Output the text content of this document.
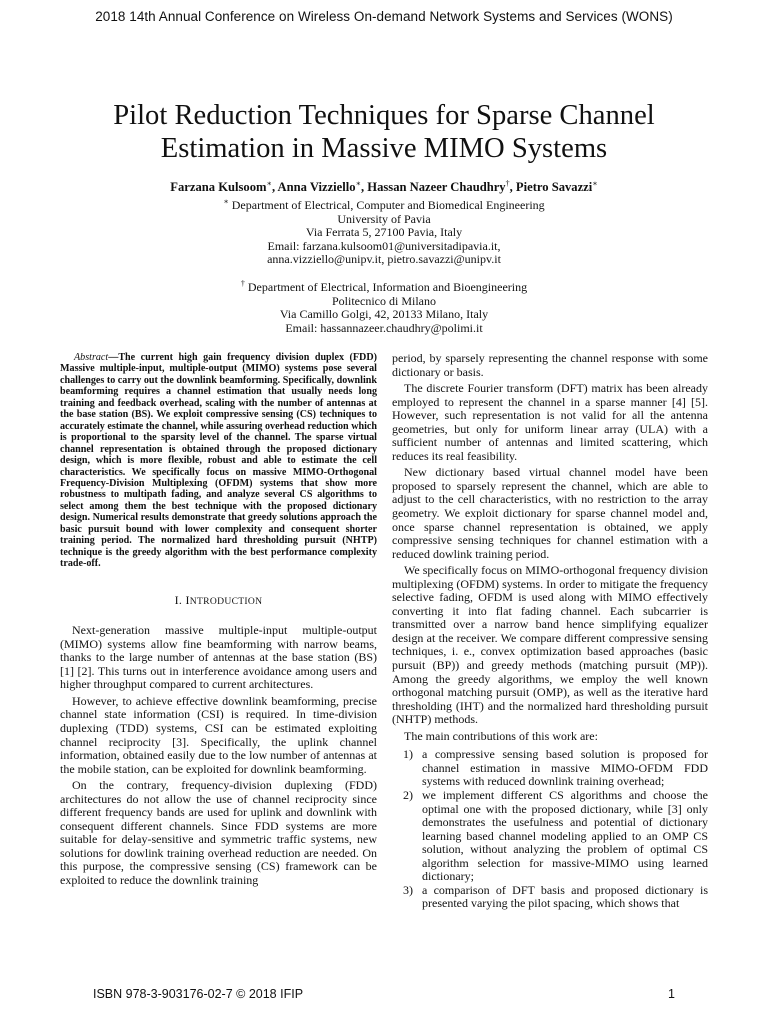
2018 14th Annual Conference on Wireless On-demand Network Systems and Services (WONS)
Pilot Reduction Techniques for Sparse Channel
Estimation in Massive MIMO Systems
Farzana Kulsoom∗, Anna Vizziello∗, Hassan Nazeer Chaudhry†, Pietro Savazzi∗
∗ Department of Electrical, Computer and Biomedical Engineering
University of Pavia
Via Ferrata 5, 27100 Pavia, Italy
Email: farzana.kulsoom01@universitadipavia.it,
anna.vizziello@unipv.it, pietro.savazzi@unipv.it
† Department of Electrical, Information and Bioengineering
Politecnico di Milano
Via Camillo Golgi, 42, 20133 Milano, Italy
Email: hassannazeer.chaudhry@polimi.it

Abstract—The current high gain frequency division duplex (FDD) Massive multiple-input, multiple-output (MIMO) systems pose several challenges to carry out the downlink beamforming. Specifically, downlink beamforming requires a channel estimation that usually needs long training and feedback overhead, scaling with the number of antennas at the base station (BS). We exploit compressive sensing (CS) techniques to accurately estimate the channel, while assuring overhead reduction which is proportional to the sparsity level of the channel. The sparse virtual channel representation is obtained through the proposed dictionary design, which is more flexible, robust and able to estimate the cell characteristics. We specifically focus on massive MIMO-Orthogonal Frequency-Division Multiplexing (OFDM) systems that show more robustness to multipath fading, and analyze several CS algorithms to select among them the best technique with the proposed dictionary design. Numerical results demonstrate that greedy solutions approach the basic pursuit bound with lower complexity and consequent shorter training period. The normalized hard thresholding pursuit (NHTP) technique is the greedy algorithm with the best performance complexity trade-off.

I. INTRODUCTION

Next-generation massive multiple-input multiple-output (MIMO) systems allow fine beamforming with narrow beams, thanks to the large number of antennas at the base station (BS) [1] [2]. This turns out in interference avoidance among users and higher throughput compared to current architectures.

However, to achieve effective downlink beamforming, precise channel state information (CSI) is required. In time-division duplexing (TDD) systems, CSI can be estimated exploiting channel reciprocity [3]. Specifically, the uplink channel information, obtained easily due to the low number of antennas at the mobile station, can be exploited for downlink beamforming.

On the contrary, frequency-division duplexing (FDD) architectures do not allow the use of channel reciprocity since different frequency bands are used for uplink and downlink with consequent different channels. Since FDD systems are more suitable for delay-sensitive and symmetric traffic systems, new solutions for dowlink training overhead reduction are needed. On this purpose, the compressive sensing (CS) framework can be exploited to reduce the downlink training

period, by sparsely representing the channel response with some dictionary or basis.

The discrete Fourier transform (DFT) matrix has been already employed to represent the channel in a sparse manner [4] [5]. However, such representation is not valid for all the antenna geometries, but only for uniform linear array (ULA) with a sufficient number of antennas and limited scattering, which reduces its real feasibility.

New dictionary based virtual channel model have been proposed to sparsely represent the channel, which are able to adjust to the cell characteristics, with no restriction to the array geometry. We exploit dictionary for sparse channel model and, once sparse channel representation is obtained, we apply compressive sensing techniques for channel estimation with a reduced dowlink training period.

We specifically focus on MIMO-orthogonal frequency division multiplexing (OFDM) systems. In order to mitigate the frequency selective fading, OFDM is used along with MIMO effectively converting it into flat fading channel. Each subcarrier is transmitted over a narrow band hence simplifying equalizer design at the receiver. We compare different compressive sensing techniques, i. e., convex optimization based approaches (basic pursuit (BP)) and greedy methods (matching pursuit (MP)). Among the greedy algorithms, we employ the well known orthogonal matching pursuit (OMP), as well as the iterative hard thresholding (IHT) and the normalized hard thresholding pursuit (NHTP) methods.

The main contributions of this work are:

1) a compressive sensing based solution is proposed for channel estimation in massive MIMO-OFDM FDD systems with reduced downlink training overhead;
2) we implement different CS algorithms and choose the optimal one with the proposed dictionary, while [3] only demonstrates the usefulness and potential of dictionary learning based channel modeling applied to an OMP CS solution, without analyzing the problem of optimal CS algorithm selection for massive-MIMO using learned dictionary;
3) a comparison of DFT basis and proposed dictionary is presented varying the pilot spacing, which shows that
ISBN 978-3-903176-02-7 © 2018 IFIP	1
